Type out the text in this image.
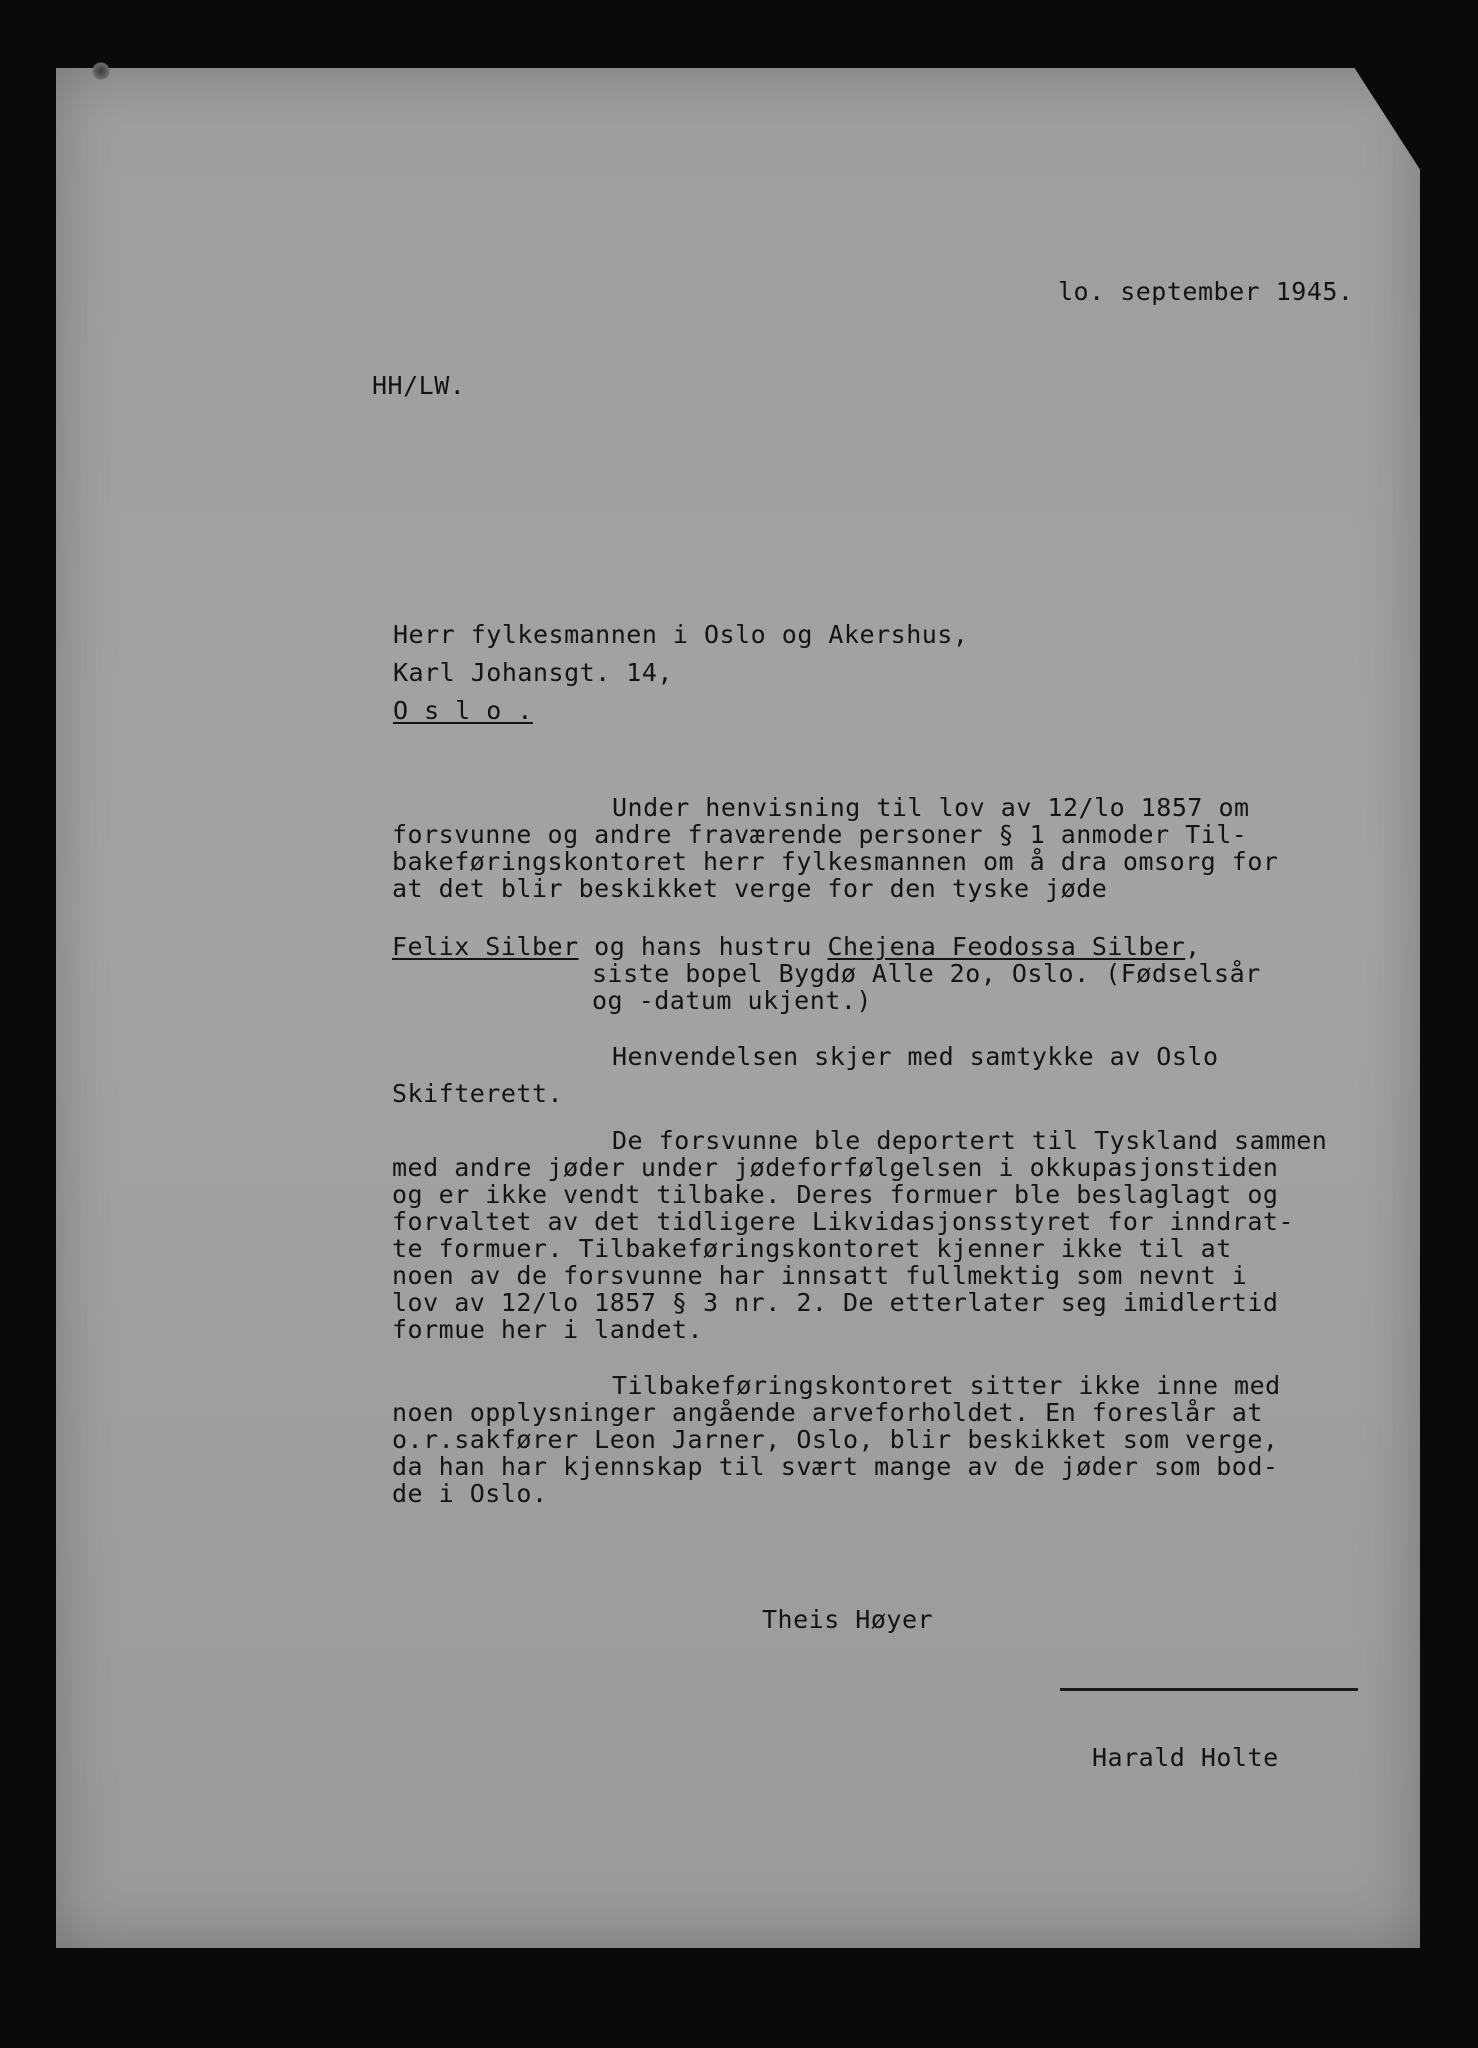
lo. september 1945.
HH/LW.
Herr fylkesmannen i Oslo og Akershus,
Karl Johansgt. 14,
O s l o .
Under henvisning til lov av 12/lo 1857 om
forsvunne og andre fraværende personer § 1 anmoder Til-
bakeføringskontoret herr fylkesmannen om å dra omsorg for
at det blir beskikket verge for den tyske jøde
Felix Silber og hans hustru Chejena Feodossa Silber,
siste bopel Bygdø Alle 2o, Oslo. (Fødselsår
og -datum ukjent.)
Henvendelsen skjer med samtykke av Oslo
Skifterett.
De forsvunne ble deportert til Tyskland sammen
med andre jøder under jødeforfølgelsen i okkupasjonstiden
og er ikke vendt tilbake. Deres formuer ble beslaglagt og
forvaltet av det tidligere Likvidasjonsstyret for inndrat-
te formuer. Tilbakeføringskontoret kjenner ikke til at
noen av de forsvunne har innsatt fullmektig som nevnt i
lov av 12/lo 1857 § 3 nr. 2. De etterlater seg imidlertid
formue her i landet.
Tilbakeføringskontoret sitter ikke inne med
noen opplysninger angående arveforholdet. En foreslår at
o.r.sakfører Leon Jarner, Oslo, blir beskikket som verge,
da han har kjennskap til svært mange av de jøder som bod-
de i Oslo.
Theis Høyer
Harald Holte
